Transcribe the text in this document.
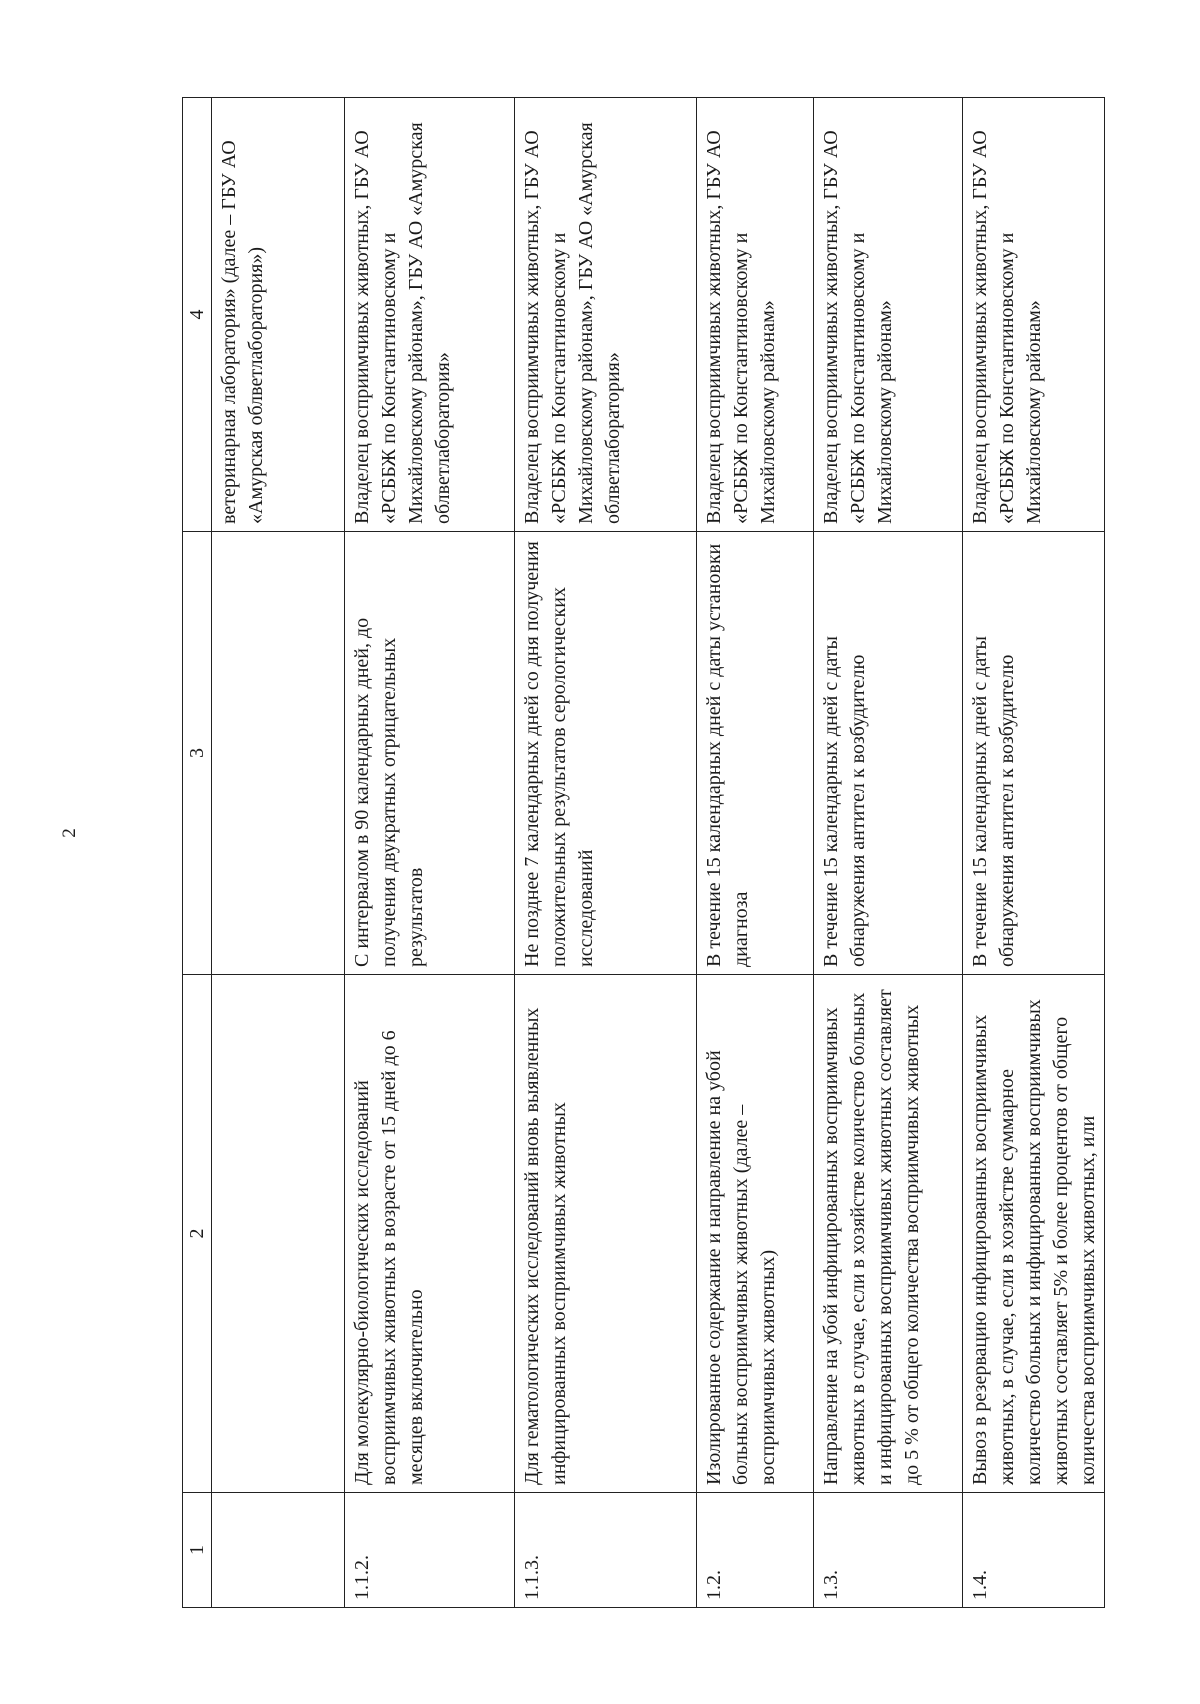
2
1	2	3	4
			ветеринарная лаборатория» (далее – ГБУ АО «Амурская облветлаборатория»)
1.1.2.	Для молекулярно-биологических исследований восприимчивых животных в возрасте от 15 дней до 6 месяцев включительно	С интервалом в 90 календарных дней, до получения двукратных отрицательных результатов	Владелец восприимчивых животных, ГБУ АО «РСББЖ по Константиновскому и Михайловскому районам», ГБУ АО «Амурская облветлаборатория»
1.1.3.	Для гематологических исследований вновь выявленных инфицированных восприимчивых животных	Не позднее 7 календарных дней со дня получения положительных результатов серологических исследований	Владелец восприимчивых животных, ГБУ АО «РСББЖ по Константиновскому и Михайловскому районам», ГБУ АО «Амурская облветлаборатория»
1.2.	Изолированное содержание и направление на убой больных восприимчивых животных (далее – восприимчивых животных)	В течение 15 календарных дней с даты установки диагноза	Владелец восприимчивых животных, ГБУ АО «РСББЖ по Константиновскому и Михайловскому районам»
1.3.	Направление на убой инфицированных восприимчивых животных в случае, если в хозяйстве количество больных и инфицированных восприимчивых животных составляет до 5 % от общего количества восприимчивых животных	В течение 15 календарных дней с даты обнаружения антител к возбудителю	Владелец восприимчивых животных, ГБУ АО «РСББЖ по Константиновскому и Михайловскому районам»
1.4.	Вывоз в резервацию инфицированных восприимчивых животных, в случае, если в хозяйстве суммарное количество больных и инфицированных восприимчивых животных составляет 5% и более процентов от общего количества восприимчивых животных, или	В течение 15 календарных дней с даты обнаружения антител к возбудителю	Владелец восприимчивых животных, ГБУ АО «РСББЖ по Константиновскому и Михайловскому районам»
